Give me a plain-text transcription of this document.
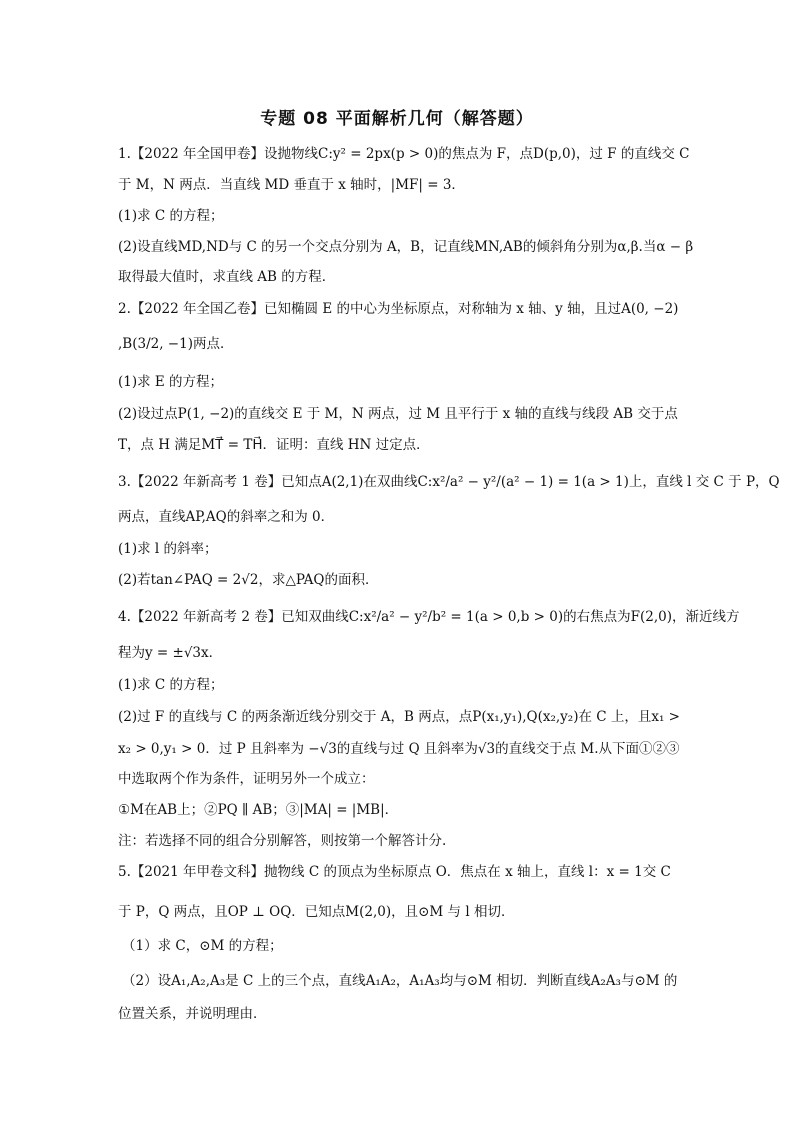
专题 08 平面解析几何（解答题）
1.【2022 年全国甲卷】设抛物线C:y² = 2px(p > 0)的焦点为 F，点D(p,0)，过 F 的直线交 C
于 M，N 两点．当直线 MD 垂直于 x 轴时，|MF| = 3．
(1)求 C 的方程；
(2)设直线MD,ND与 C 的另一个交点分别为 A，B，记直线MN,AB的倾斜角分别为α,β.当α − β
取得最大值时，求直线 AB 的方程．
2.【2022 年全国乙卷】已知椭圆 E 的中心为坐标原点，对称轴为 x 轴、y 轴，且过A(0, −2)
,B(3/2, −1)两点．
(1)求 E 的方程；
(2)设过点P(1, −2)的直线交 E 于 M，N 两点，过 M 且平行于 x 轴的直线与线段 AB 交于点
T，点 H 满足MT⃗ = TH⃗．证明：直线 HN 过定点．
3.【2022 年新高考 1 卷】已知点A(2,1)在双曲线C:x²/a² − y²/(a² − 1) = 1(a > 1)上，直线 l 交 C 于 P，Q
两点，直线AP,AQ的斜率之和为 0．
(1)求 l 的斜率；
(2)若tan∠PAQ = 2√2，求△PAQ的面积．
4.【2022 年新高考 2 卷】已知双曲线C:x²/a² − y²/b² = 1(a > 0,b > 0)的右焦点为F(2,0)，渐近线方
程为y = ±√3x．
(1)求 C 的方程；
(2)过 F 的直线与 C 的两条渐近线分别交于 A，B 两点，点P(x₁,y₁),Q(x₂,y₂)在 C 上，且x₁ >
x₂ > 0,y₁ > 0．过 P 且斜率为 −√3的直线与过 Q 且斜率为√3的直线交于点 M.从下面①②③
中选取两个作为条件，证明另外一个成立：
①M在AB上；②PQ ∥ AB；③|MA| = |MB|．
注：若选择不同的组合分别解答，则按第一个解答计分.
5.【2021 年甲卷文科】抛物线 C 的顶点为坐标原点 O．焦点在 x 轴上，直线 l：x = 1交 C
于 P，Q 两点，且OP ⊥ OQ．已知点M(2,0)，且⊙M 与 l 相切．
（1）求 C，⊙M 的方程；
（2）设A₁,A₂,A₃是 C 上的三个点，直线A₁A₂，A₁A₃均与⊙M 相切．判断直线A₂A₃与⊙M 的
位置关系，并说明理由．
